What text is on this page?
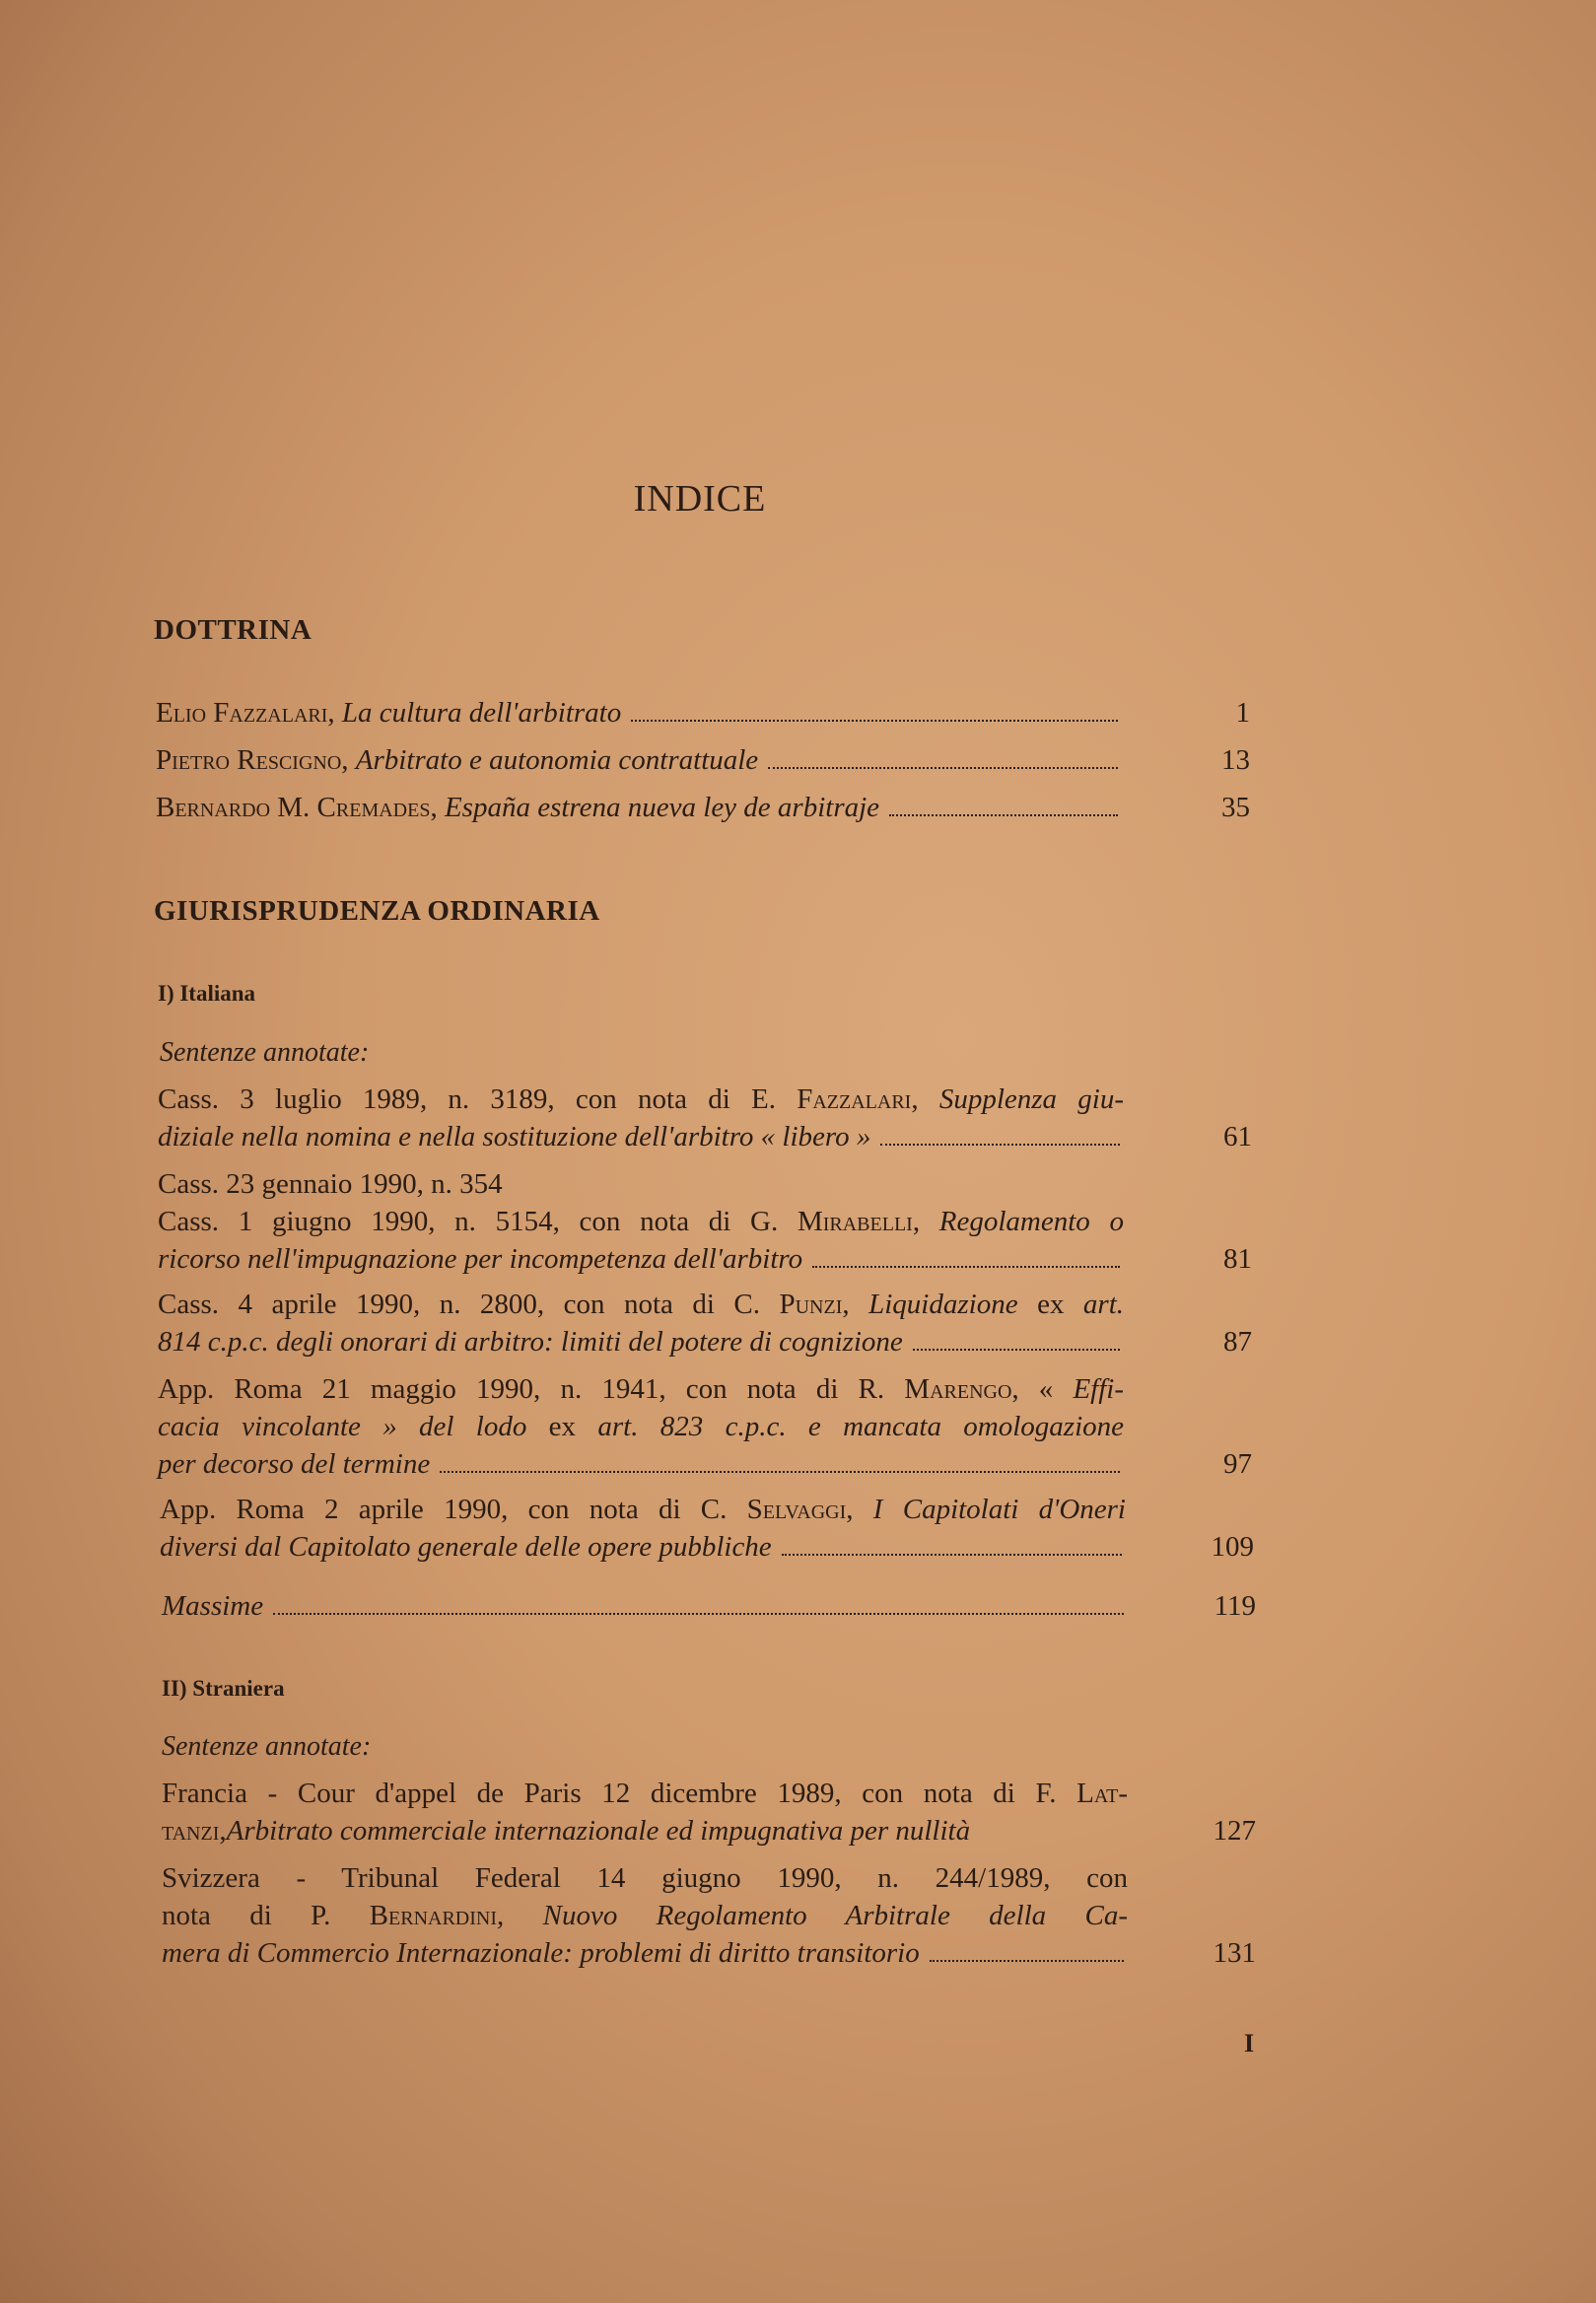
INDICE
DOTTRINA
Elio Fazzalari , La cultura dell'arbitrato	1
Pietro Rescigno , Arbitrato e autonomia contrattuale	13
Bernardo M. Cremades , España estrena nueva ley de arbitraje	35
GIURISPRUDENZA ORDINARIA
I) Italiana
Sentenze annotate:
Cass. 3 luglio 1989, n. 3189, con nota di E. Fazzalari, Supplenza giu-
diziale nella nomina e nella sostituzione dell'arbitro « libero »	61
Cass. 23 gennaio 1990, n. 354
Cass. 1 giugno 1990, n. 5154, con nota di G. Mirabelli, Regolamento o
ricorso nell'impugnazione per incompetenza dell'arbitro	81
Cass. 4 aprile 1990, n. 2800, con nota di C. Punzi, Liquidazione ex art.
814 c.p.c. degli onorari di arbitro: limiti del potere di cognizione	87
App. Roma 21 maggio 1990, n. 1941, con nota di R. Marengo, « Effi-
cacia vincolante » del lodo ex art. 823 c.p.c. e mancata omologazione
per decorso del termine	97
App. Roma 2 aprile 1990, con nota di C. Selvaggi, I Capitolati d'Oneri
diversi dal Capitolato generale delle opere pubbliche	109
Massime	119
II) Straniera
Sentenze annotate:
Francia - Cour d'appel de Paris 12 dicembre 1989, con nota di F. Lat-
tanzi , Arbitrato commerciale internazionale ed impugnativa per nullità	127
Svizzera - Tribunal Federal 14 giugno 1990, n. 244/1989, con
nota di P. Bernardini, Nuovo Regolamento Arbitrale della Ca-
mera di Commercio Internazionale: problemi di diritto transitorio	131
I
